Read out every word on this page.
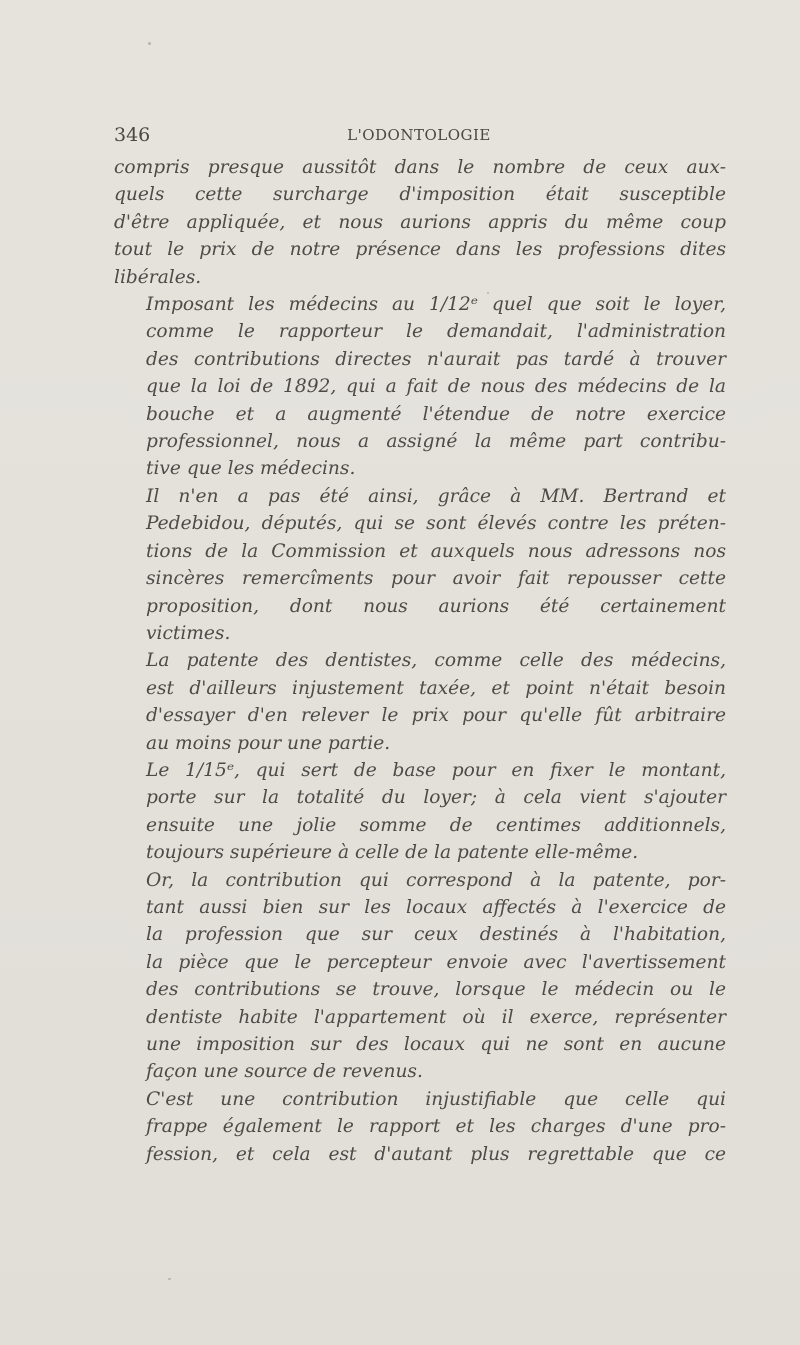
346	L'ODONTOLOGIE

compris presque aussitôt dans le nombre de ceux aux-
quels cette surcharge d'imposition était susceptible
d'être appliquée, et nous aurions appris du même coup
tout le prix de notre présence dans les professions dites
libérales.

Imposant les médecins au 1/12ᵉ quel que soit le loyer,
comme le rapporteur le demandait, l'administration
des contributions directes n'aurait pas tardé à trouver
que la loi de 1892, qui a fait de nous des médecins de la
bouche et a augmenté l'étendue de notre exercice
professionnel, nous a assigné la même part contribu-
tive que les médecins.

Il n'en a pas été ainsi, grâce à MM. Bertrand et
Pedebidou, députés, qui se sont élevés contre les préten-
tions de la Commission et auxquels nous adressons nos
sincères remercîments pour avoir fait repousser cette
proposition, dont nous aurions été certainement
victimes.

La patente des dentistes, comme celle des médecins,
est d'ailleurs injustement taxée, et point n'était besoin
d'essayer d'en relever le prix pour qu'elle fût arbitraire
au moins pour une partie.

Le 1/15ᵉ, qui sert de base pour en fixer le montant,
porte sur la totalité du loyer; à cela vient s'ajouter
ensuite une jolie somme de centimes additionnels,
toujours supérieure à celle de la patente elle-même.

Or, la contribution qui correspond à la patente, por-
tant aussi bien sur les locaux affectés à l'exercice de
la profession que sur ceux destinés à l'habitation,
la pièce que le percepteur envoie avec l'avertissement
des contributions se trouve, lorsque le médecin ou le
dentiste habite l'appartement où il exerce, représenter
une imposition sur des locaux qui ne sont en aucune
façon une source de revenus.

C'est une contribution injustifiable que celle qui
frappe également le rapport et les charges d'une pro-
fession, et cela est d'autant plus regrettable que ce
